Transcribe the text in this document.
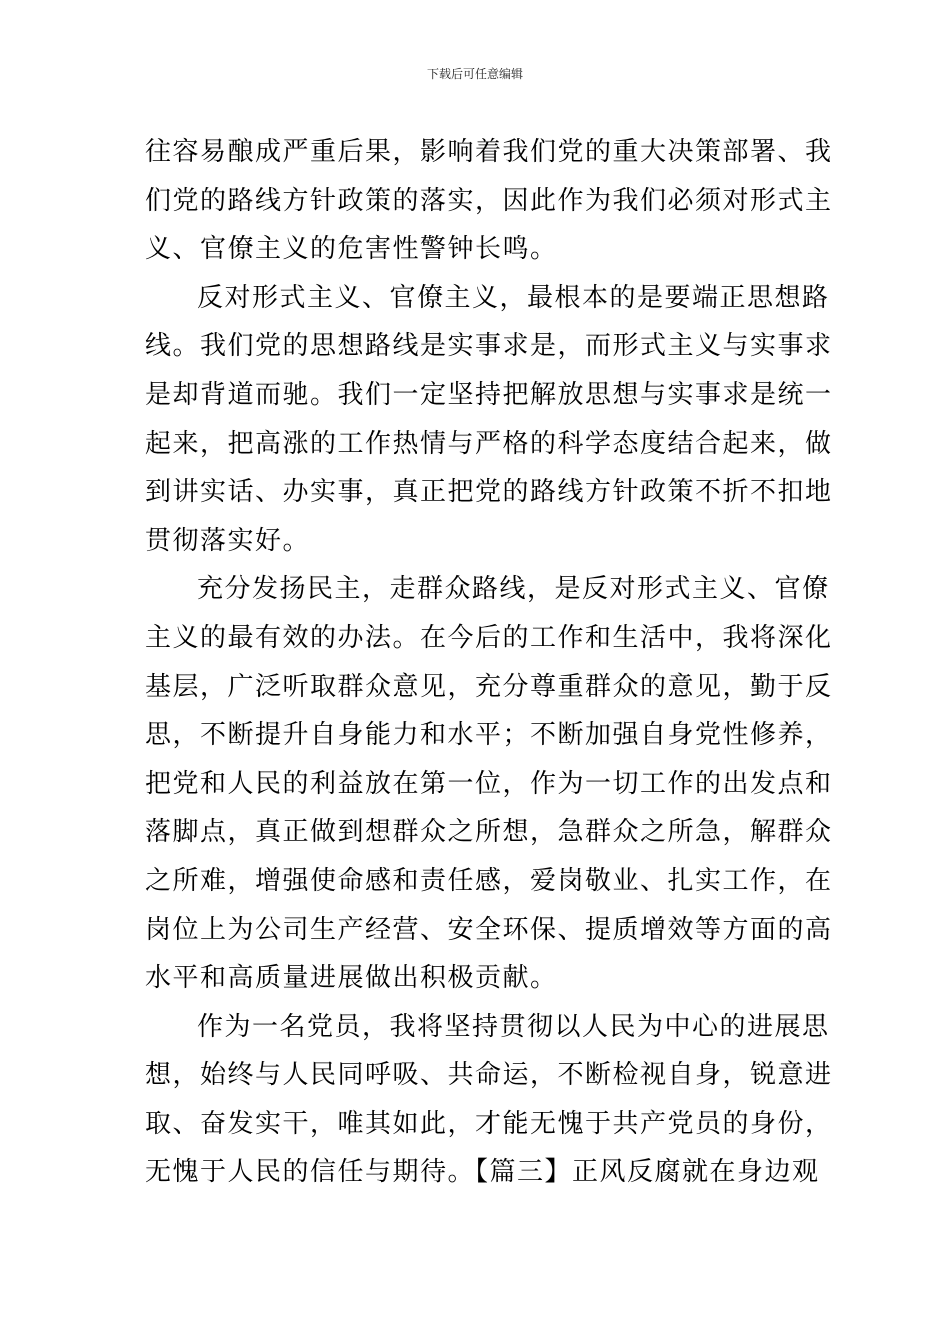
下载后可任意编辑

往容易酿成严重后果，影响着我们党的重大决策部署、我
们党的路线方针政策的落实，因此作为我们必须对形式主
义、官僚主义的危害性警钟长鸣。

反对形式主义、官僚主义，最根本的是要端正思想路
线。我们党的思想路线是实事求是，而形式主义与实事求
是却背道而驰。我们一定坚持把解放思想与实事求是统一
起来，把高涨的工作热情与严格的科学态度结合起来，做
到讲实话、办实事，真正把党的路线方针政策不折不扣地
贯彻落实好。

充分发扬民主，走群众路线，是反对形式主义、官僚
主义的最有效的办法。在今后的工作和生活中，我将深化
基层，广泛听取群众意见，充分尊重群众的意见，勤于反
思，不断提升自身能力和水平；不断加强自身党性修养，
把党和人民的利益放在第一位，作为一切工作的出发点和
落脚点，真正做到想群众之所想，急群众之所急，解群众
之所难，增强使命感和责任感，爱岗敬业、扎实工作，在
岗位上为公司生产经营、安全环保、提质增效等方面的高
水平和高质量进展做出积极贡献。

作为一名党员，我将坚持贯彻以人民为中心的进展思
想，始终与人民同呼吸、共命运，不断检视自身，锐意进
取、奋发实干，唯其如此，才能无愧于共产党员的身份，
无愧于人民的信任与期待。【篇三】正风反腐就在身边观
